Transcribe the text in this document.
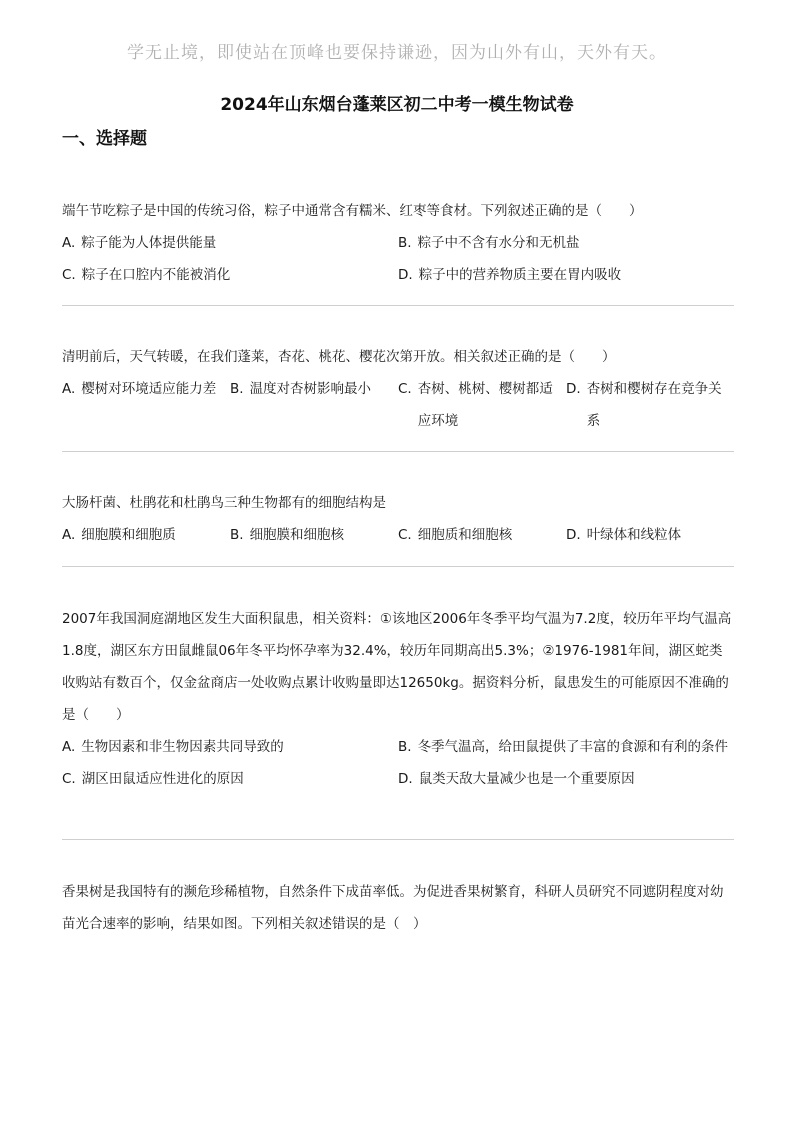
学无止境，即使站在顶峰也要保持谦逊，因为山外有山，天外有天。
2024年山东烟台蓬莱区初二中考一模生物试卷
一、选择题

端午节吃粽子是中国的传统习俗，粽子中通常含有糯米、红枣等食材。下列叙述正确的是（　　）

A. 粽子能为人体提供能量	B. 粽子中不含有水分和无机盐
C. 粽子在口腔内不能被消化	D. 粽子中的营养物质主要在胃内吸收

清明前后，天气转暖，在我们蓬莱，杏花、桃花、樱花次第开放。相关叙述正确的是（　　）

A. 樱树对环境适应能力差 B. 温度对杏树影响最小 C. 杏树、桃树、樱树都适应环境
D. 杏树和樱树存在竞争关系

大肠杆菌、杜鹃花和杜鹃鸟三种生物都有的细胞结构是

A. 细胞膜和细胞质	B. 细胞膜和细胞核	C. 细胞质和细胞核	D. 叶绿体和线粒体

2007年我国洞庭湖地区发生大面积鼠患，相关资料：①该地区2006年冬季平均气温为7.2度，较历年平均气温高1.8度，湖区东方田鼠雌鼠06年冬平均怀孕率为32.4%，较历年同期高出5.3%；②1976-1981年间，湖区蛇类收购站有数百个，仅金盆商店一处收购点累计收购量即达12650kg。据资料分析，鼠患发生的可能原因不准确的是（　　）

A. 生物因素和非生物因素共同导致的	B. 冬季气温高，给田鼠提供了丰富的食源和有利的条件
C. 湖区田鼠适应性进化的原因	D. 鼠类天敌大量减少也是一个重要原因

香果树是我国特有的濒危珍稀植物，自然条件下成苗率低。为促进香果树繁育，科研人员研究不同遮阴程度对幼苗光合速率的影响，结果如图。下列相关叙述错误的是（　）
